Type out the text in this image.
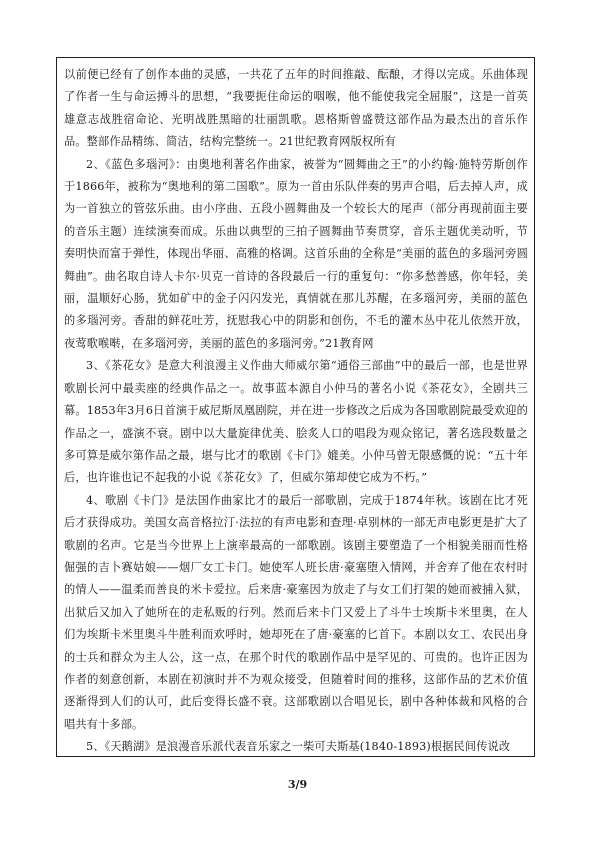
以前便已经有了创作本曲的灵感，一共花了五年的时间推敲、酝酿，才得以完成。乐曲体现了作者一生与命运搏斗的思想，“我要扼住命运的咽喉，他不能使我完全屈服”，这是一首英雄意志战胜宿命论、光明战胜黑暗的壮丽凯歌。恩格斯曾盛赞这部作品为最杰出的音乐作品。整部作品精练、简洁，结构完整统一。21世纪教育网版权所有

2、《蓝色多瑙河》：由奥地利著名作曲家，被誉为“圆舞曲之王”的小约翰·施特劳斯创作于1866年，被称为“奥地利的第二国歌”。原为一首由乐队伴奏的男声合唱，后去掉人声，成为一首独立的管弦乐曲。由小序曲、五段小圆舞曲及一个较长大的尾声（部分再现前面主要的音乐主题）连续演奏而成。乐曲以典型的三拍子圆舞曲节奏贯穿，音乐主题优美动听，节奏明快而富于弹性，体现出华丽、高雅的格调。这首乐曲的全称是“美丽的蓝色的多瑙河旁圆舞曲”。曲名取自诗人卡尔·贝克一首诗的各段最后一行的重复句：“你多愁善感，你年轻，美丽，温顺好心肠，犹如矿中的金子闪闪发光，真情就在那儿苏醒，在多瑙河旁，美丽的蓝色的多瑙河旁。香甜的鲜花吐芳，抚慰我心中的阴影和创伤，不毛的灌木丛中花儿依然开放，夜莺歌喉啭，在多瑙河旁，美丽的蓝色的多瑙河旁。”21教育网

3、《茶花女》是意大利浪漫主义作曲大师威尔第“通俗三部曲”中的最后一部，也是世界歌剧长河中最卖座的经典作品之一。故事蓝本源自小仲马的著名小说《茶花女》，全剧共三幕。1853年3月6日首演于威尼斯凤凰剧院，并在进一步修改之后成为各国歌剧院最受欢迎的作品之一，盛演不衰。剧中以大量旋律优美、脍炙人口的唱段为观众铭记，著名选段数量之多可算是威尔第作品之最，堪与比才的歌剧《卡门》媲美。小仲马曾无限感慨的说：“五十年后，也许谁也记不起我的小说《茶花女》了，但威尔第却使它成为不朽。”

4、歌剧《卡门》是法国作曲家比才的最后一部歌剧，完成于1874年秋。该剧在比才死后才获得成功。美国女高音格拉汀·法拉的有声电影和查理·卓别林的一部无声电影更是扩大了歌剧的名声。它是当今世界上上演率最高的一部歌剧。该剧主要塑造了一个相貌美丽而性格倔强的吉卜赛姑娘——烟厂女工卡门。她使军人班长唐·豪塞堕入情网，并舍弃了他在农村时的情人——温柔而善良的米卡爱拉。后来唐·豪塞因为放走了与女工们打架的她而被捕入狱，出狱后又加入了她所在的走私贩的行列。然而后来卡门又爱上了斗牛士埃斯卡米里奥，在人们为埃斯卡米里奥斗牛胜利而欢呼时，她却死在了唐·豪塞的匕首下。本剧以女工、农民出身的士兵和群众为主人公，这一点，在那个时代的歌剧作品中是罕见的、可贵的。也许正因为作者的刻意创新，本剧在初演时并不为观众接受，但随着时间的推移，这部作品的艺术价值逐渐得到人们的认可，此后变得长盛不衰。这部歌剧以合唱见长，剧中各种体裁和风格的合唱共有十多部。

5、《天鹅湖》是浪漫音乐派代表音乐家之一柴可夫斯基(1840-1893)根据民间传说改

3/9
